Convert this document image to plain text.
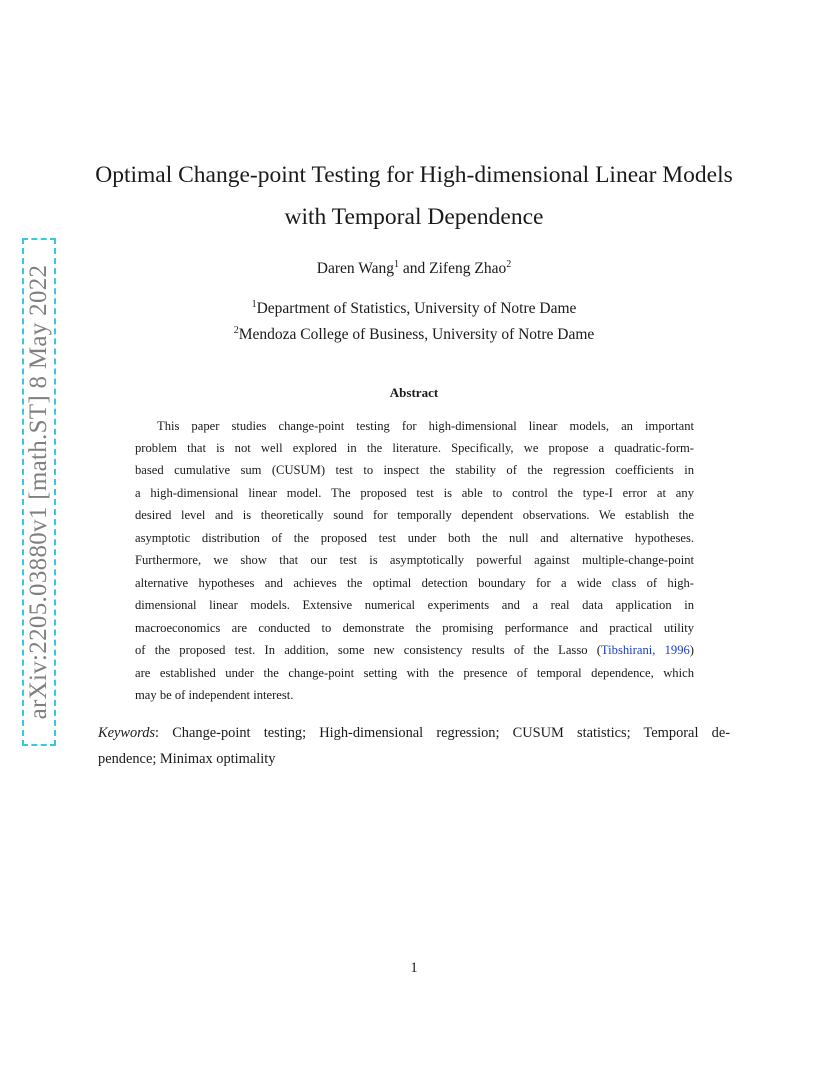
arXiv:2205.03880v1 [math.ST] 8 May 2022
Optimal Change-point Testing for High-dimensional Linear Models
with Temporal Dependence
Daren Wang$^1$ and Zifeng Zhao$^2$
$^1$Department of Statistics, University of Notre Dame
$^2$Mendoza College of Business, University of Notre Dame
Abstract
This paper studies change-point testing for high-dimensional linear models, an important
problem that is not well explored in the literature. Specifically, we propose a quadratic-form-
based cumulative sum (CUSUM) test to inspect the stability of the regression coefficients in
a high-dimensional linear model. The proposed test is able to control the type-I error at any
desired level and is theoretically sound for temporally dependent observations. We establish the
asymptotic distribution of the proposed test under both the null and alternative hypotheses.
Furthermore, we show that our test is asymptotically powerful against multiple-change-point
alternative hypotheses and achieves the optimal detection boundary for a wide class of high-
dimensional linear models. Extensive numerical experiments and a real data application in
macroeconomics are conducted to demonstrate the promising performance and practical utility
of the proposed test. In addition, some new consistency results of the Lasso (Tibshirani, 1996)
are established under the change-point setting with the presence of temporal dependence, which
may be of independent interest.
Keywords: Change-point testing; High-dimensional regression; CUSUM statistics; Temporal de-
pendence; Minimax optimality
1
